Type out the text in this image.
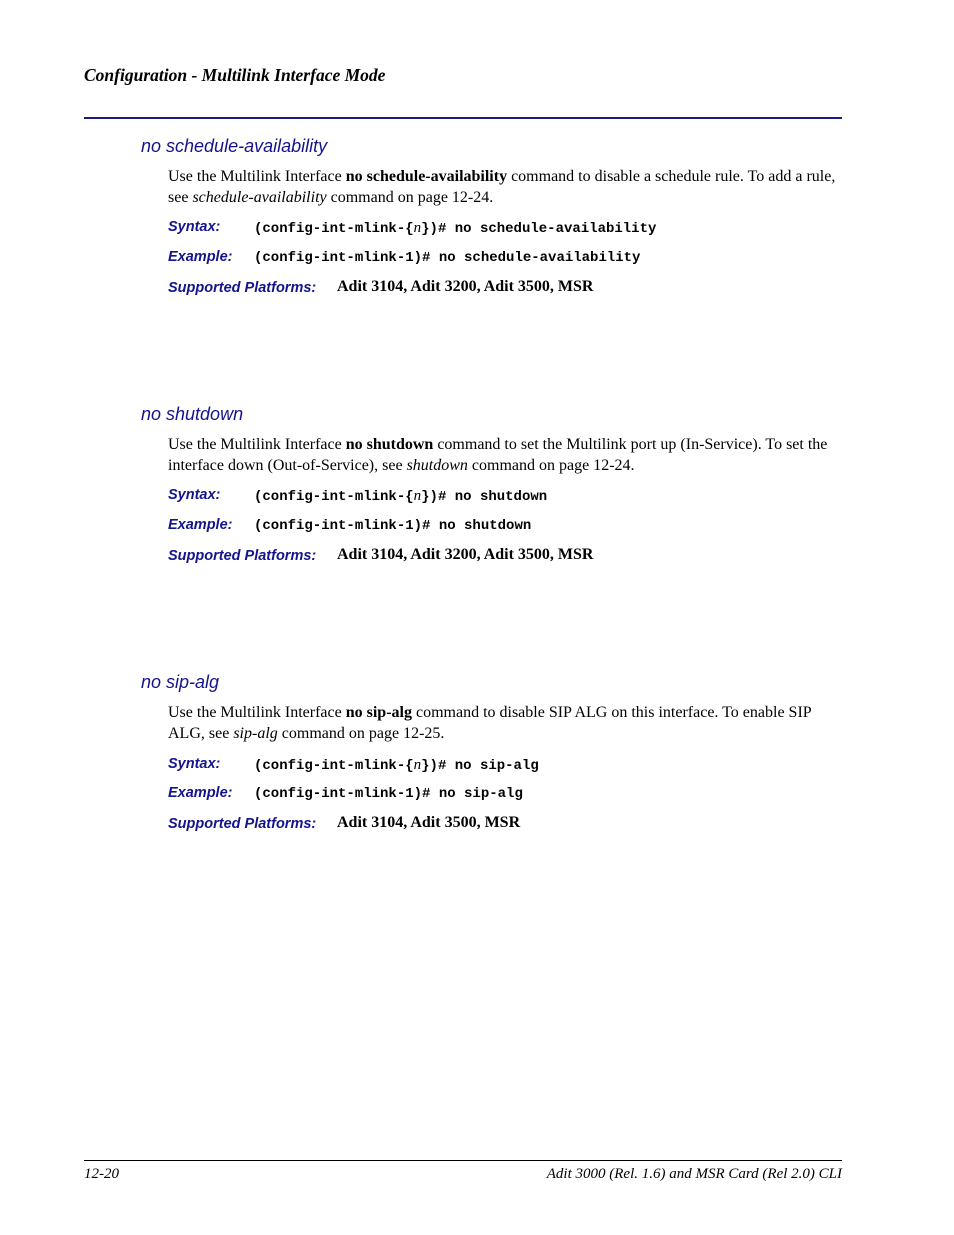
Configuration - Multilink Interface Mode
no schedule-availability
Use the Multilink Interface no schedule-availability command to disable a schedule rule. To add a rule, see schedule-availability command on page 12-24.
Syntax: (config-int-mlink-{n})# no schedule-availability
Example: (config-int-mlink-1)# no schedule-availability
Supported Platforms: Adit 3104, Adit 3200, Adit 3500, MSR
no shutdown
Use the Multilink Interface no shutdown command to set the Multilink port up (In-Service). To set the interface down (Out-of-Service), see shutdown command on page 12-24.
Syntax: (config-int-mlink-{n})# no shutdown
Example: (config-int-mlink-1)# no shutdown
Supported Platforms: Adit 3104, Adit 3200, Adit 3500, MSR
no sip-alg
Use the Multilink Interface no sip-alg command to disable SIP ALG on this interface. To enable SIP ALG, see sip-alg command on page 12-25.
Syntax: (config-int-mlink-{n})# no sip-alg
Example: (config-int-mlink-1)# no sip-alg
Supported Platforms: Adit 3104, Adit 3500, MSR
12-20	Adit 3000 (Rel. 1.6) and MSR Card (Rel 2.0) CLI
